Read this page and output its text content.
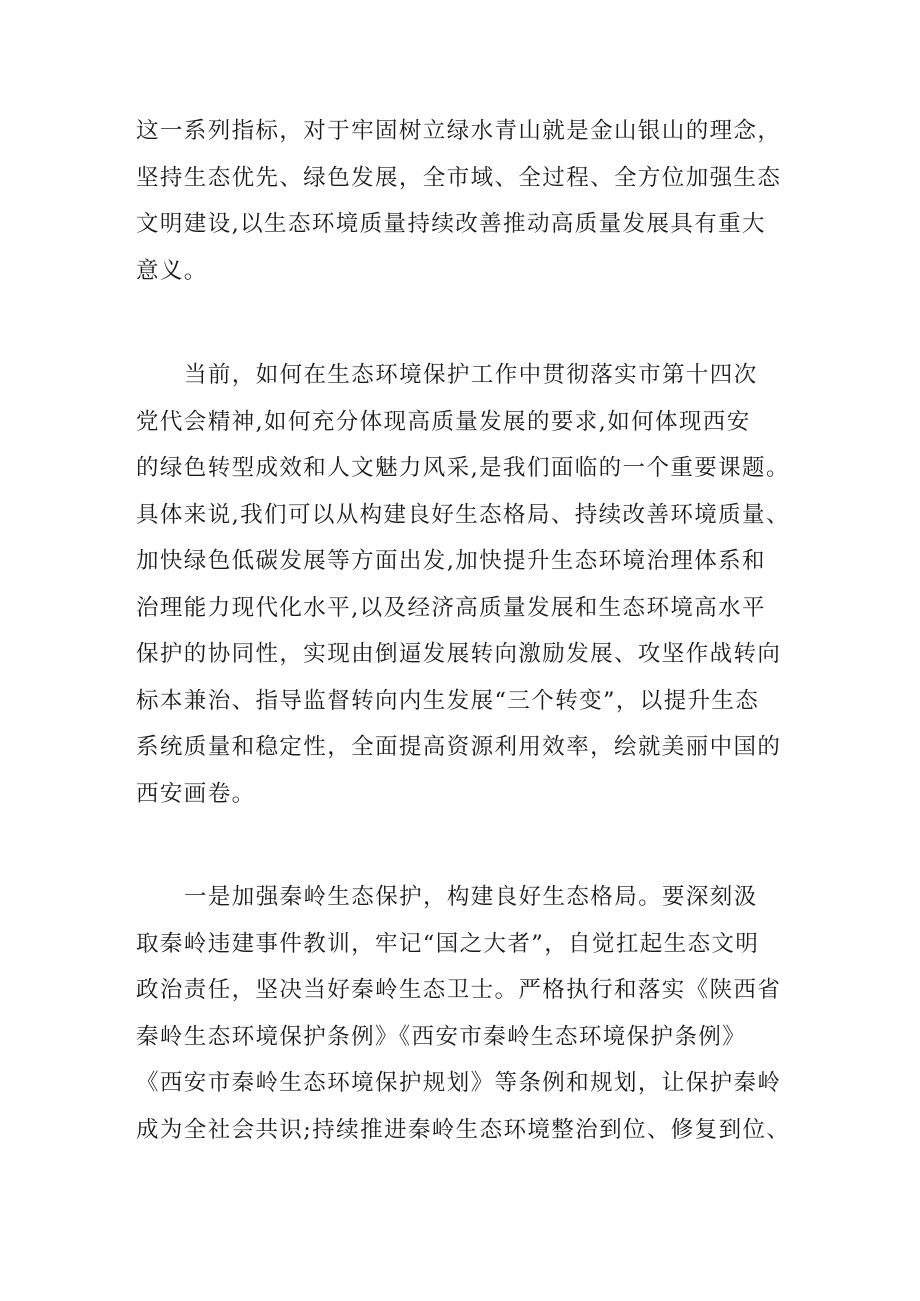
这一系列指标，对于牢固树立绿水青山就是金山银山的理念，
坚持生态优先、绿色发展，全市域、全过程、全方位加强生态
文明建设,以生态环境质量持续改善推动高质量发展具有重大
意义。
当前，如何在生态环境保护工作中贯彻落实市第十四次
党代会精神,如何充分体现高质量发展的要求,如何体现西安
的绿色转型成效和人文魅力风采,是我们面临的一个重要课题。
具体来说,我们可以从构建良好生态格局、持续改善环境质量、
加快绿色低碳发展等方面出发,加快提升生态环境治理体系和
治理能力现代化水平,以及经济高质量发展和生态环境高水平
保护的协同性，实现由倒逼发展转向激励发展、攻坚作战转向
标本兼治、指导监督转向内生发展“三个转变”，以提升生态
系统质量和稳定性，全面提高资源利用效率，绘就美丽中国的
西安画卷。
一是加强秦岭生态保护，构建良好生态格局。要深刻汲
取秦岭违建事件教训，牢记“国之大者”，自觉扛起生态文明
政治责任，坚决当好秦岭生态卫士。严格执行和落实《陕西省
秦岭生态环境保护条例》《西安市秦岭生态环境保护条例》
《西安市秦岭生态环境保护规划》等条例和规划，让保护秦岭
成为全社会共识;持续推进秦岭生态环境整治到位、修复到位、
